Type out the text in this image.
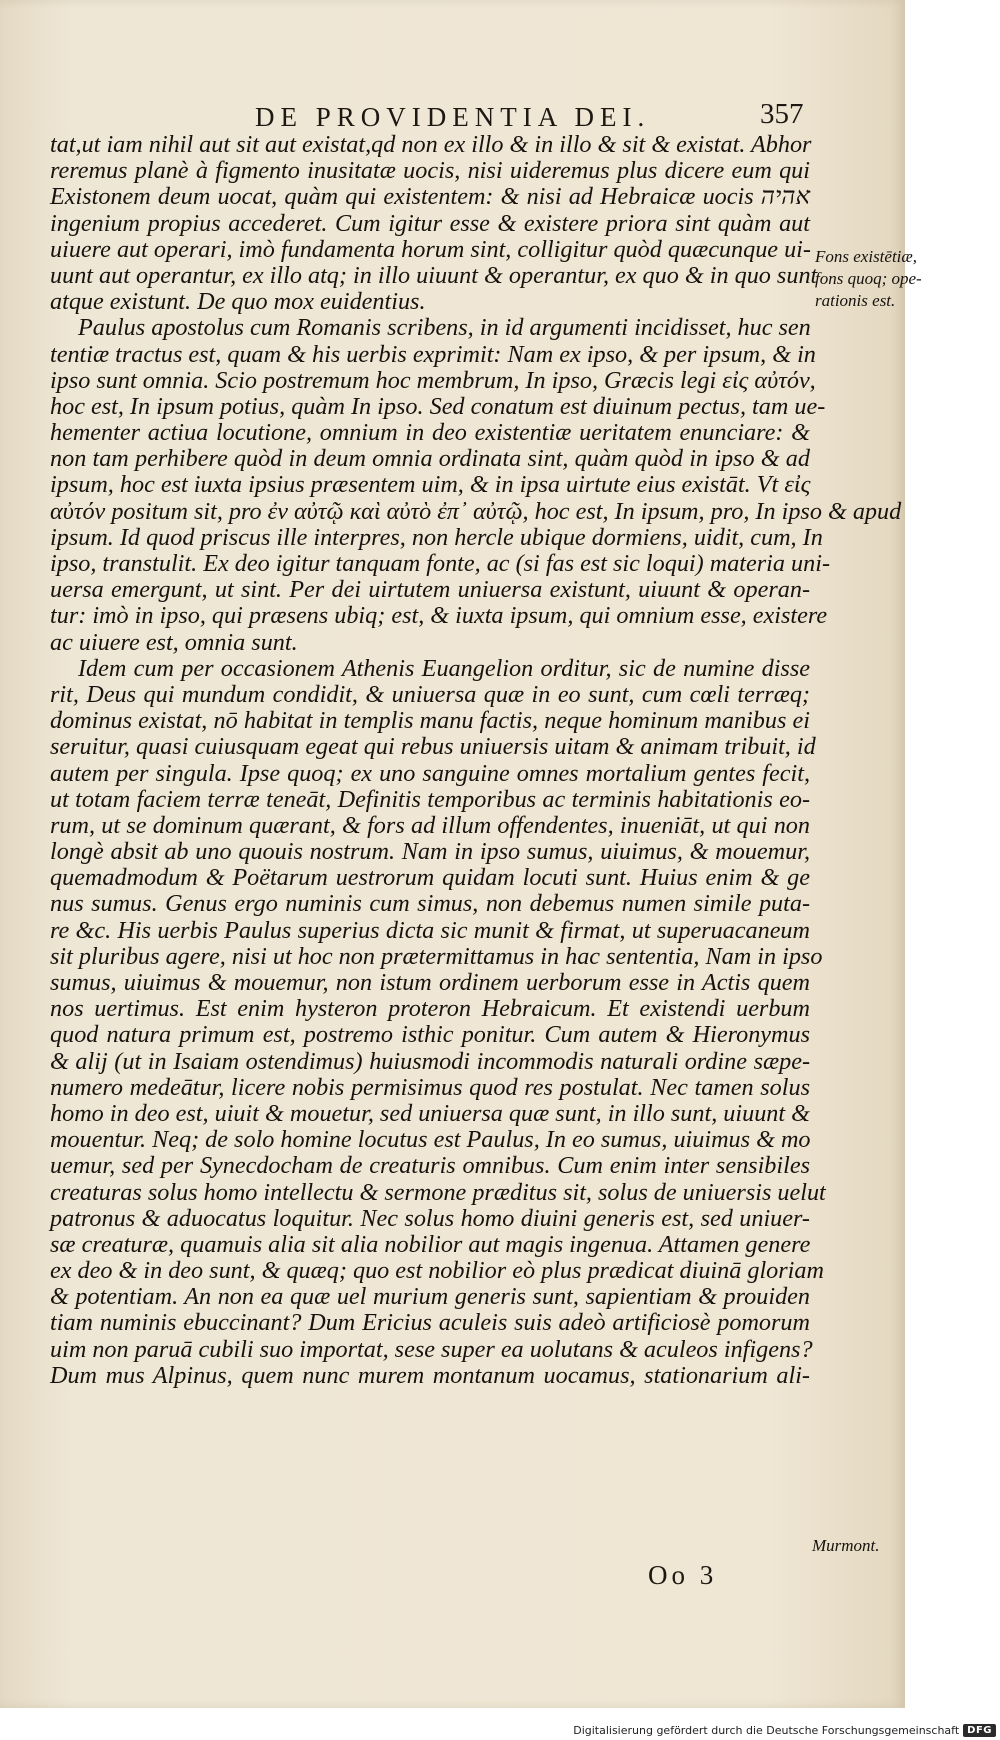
DE PROVIDENTIA DEI.	357
tat,ut iam nihil aut sit aut existat,qd non ex illo & in illo & sit & existat. Abhor
reremus planè à figmento inusitatæ uocis, nisi uideremus plus dicere eum qui
Existonem deum uocat, quàm qui existentem: & nisi ad Hebraicæ uocis אהיה
ingenium propius accederet. Cum igitur esse & existere priora sint quàm aut
uiuere aut operari, imò fundamenta horum sint, colligitur quòd quæcunque ui-
uunt aut operantur, ex illo atq; in illo uiuunt & operantur, ex quo & in quo sunt
atque existunt. De quo mox euidentius.
Paulus apostolus cum Romanis scribens, in id argumenti incidisset, huc sen
tentiæ tractus est, quam & his uerbis exprimit: Nam ex ipso, & per ipsum, & in
ipso sunt omnia. Scio postremum hoc membrum, In ipso, Græcis legi εἰς αὐτόν,
hoc est, In ipsum potius, quàm In ipso. Sed conatum est diuinum pectus, tam ue-
hementer actiua locutione, omnium in deo existentiæ ueritatem enunciare: &
non tam perhibere quòd in deum omnia ordinata sint, quàm quòd in ipso & ad
ipsum, hoc est iuxta ipsius præsentem uim, & in ipsa uirtute eius existāt. Vt εἰς
αὐτόν positum sit, pro ἐν αὐτῷ καὶ αὐτὸ ἐπ᾽ αὐτῷ, hoc est, In ipsum, pro, In ipso & apud
ipsum. Id quod priscus ille interpres, non hercle ubique dormiens, uidit, cum, In
ipso, transtulit. Ex deo igitur tanquam fonte, ac (si fas est sic loqui) materia uni-
uersa emergunt, ut sint. Per dei uirtutem uniuersa existunt, uiuunt & operan-
tur: imò in ipso, qui præsens ubiq; est, & iuxta ipsum, qui omnium esse, existere
ac uiuere est, omnia sunt.
Idem cum per occasionem Athenis Euangelion orditur, sic de numine disse
rit, Deus qui mundum condidit, & uniuersa quæ in eo sunt, cum cœli terræq;
dominus existat, nō habitat in templis manu factis, neque hominum manibus ei
seruitur, quasi cuiusquam egeat qui rebus uniuersis uitam & animam tribuit, id
autem per singula. Ipse quoq; ex uno sanguine omnes mortalium gentes fecit,
ut totam faciem terræ teneāt, Definitis temporibus ac terminis habitationis eo-
rum, ut se dominum quærant, & fors ad illum offendentes, inueniāt, ut qui non
longè absit ab uno quouis nostrum. Nam in ipso sumus, uiuimus, & mouemur,
quemadmodum & Poëtarum uestrorum quidam locuti sunt. Huius enim & ge
nus sumus. Genus ergo numinis cum simus, non debemus numen simile puta-
re &c. His uerbis Paulus superius dicta sic munit & firmat, ut superuacaneum
sit pluribus agere, nisi ut hoc non prætermittamus in hac sententia, Nam in ipso
sumus, uiuimus & mouemur, non istum ordinem uerborum esse in Actis quem
nos uertimus. Est enim hysteron proteron Hebraicum. Et existendi uerbum
quod natura primum est, postremo isthic ponitur. Cum autem & Hieronymus
& alij (ut in Isaiam ostendimus) huiusmodi incommodis naturali ordine sæpe-
numero medeātur, licere nobis permisimus quod res postulat. Nec tamen solus
homo in deo est, uiuit & mouetur, sed uniuersa quæ sunt, in illo sunt, uiuunt &
mouentur. Neq; de solo homine locutus est Paulus, In eo sumus, uiuimus & mo
uemur, sed per Synecdocham de creaturis omnibus. Cum enim inter sensibiles
creaturas solus homo intellectu & sermone præditus sit, solus de uniuersis uelut
patronus & aduocatus loquitur. Nec solus homo diuini generis est, sed uniuer-
sæ creaturæ, quamuis alia sit alia nobilior aut magis ingenua. Attamen genere
ex deo & in deo sunt, & quæq; quo est nobilior eò plus prædicat diuinā gloriam
& potentiam. An non ea quæ uel murium generis sunt, sapientiam & prouiden
tiam numinis ebuccinant? Dum Ericius aculeis suis adeò artificiosè pomorum
uim non paruā cubili suo importat, sese super ea uolutans & aculeos infigens?
Dum mus Alpinus, quem nunc murem montanum uocamus, stationarium ali-
Fons existētiæ,
fons quoq; ope-
rationis est.
Murmont.
Oo 3
Digitalisierung gefördert durch die Deutsche Forschungsgemeinschaft DFG
